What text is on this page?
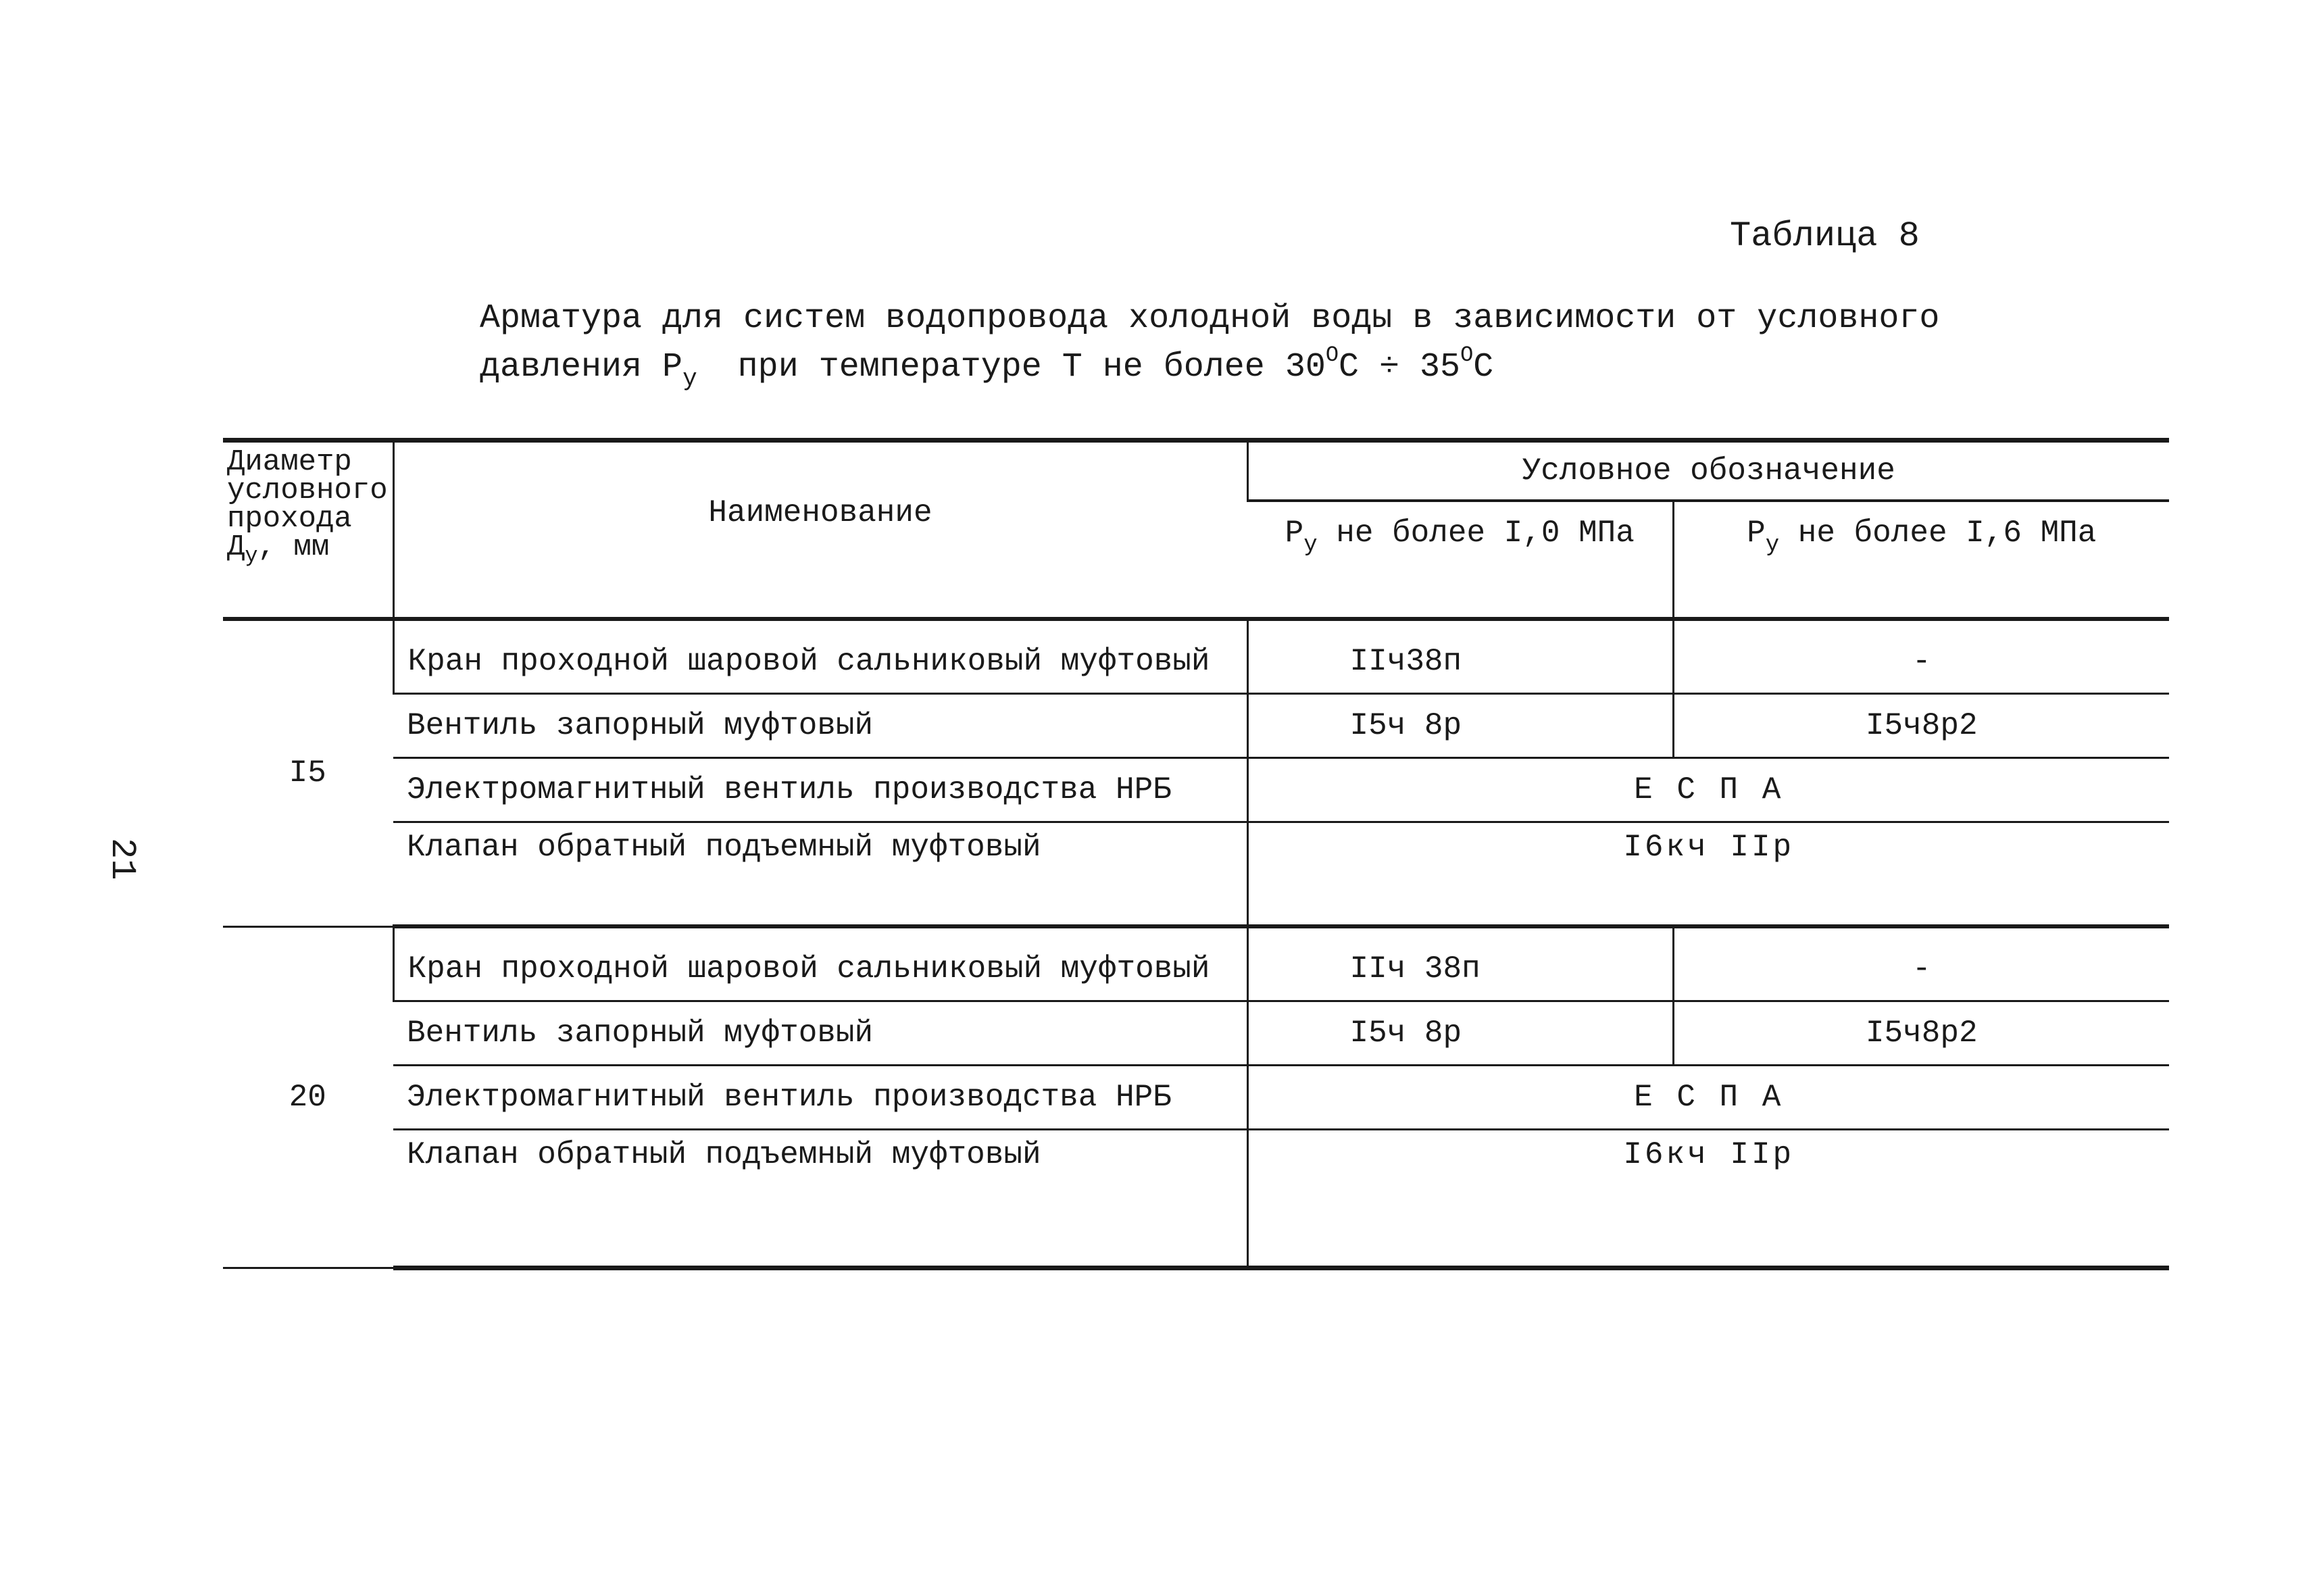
Таблица 8
Арматура для систем водопровода холодной воды в зависимости от условного
давления $Р_у$  при температуре Т не более $30^ОС \div 35^ОС$
21
Диаметр
условного
прохода
$Д_у$, мм	Наименование	Условное обозначение	
		$Р_у$ не более I,0 МПа	$Р_у$ не более I,6 МПа
I5	Кран проходной шаровой сальниковый муфтовый	IIч38п	-
	Вентиль запорный муфтовый	I5ч 8р	I5ч8р2
	Электромагнитный вентиль производства НРБ	Е С П А	
	Клапан обратный подъемный муфтовый	I6кч IIр	
20	Кран проходной шаровой сальниковый муфтовый	IIч 38п	-
	Вентиль запорный муфтовый	I5ч 8р	I5ч8р2
	Электромагнитный вентиль производства НРБ	Е С П А	
	Клапан обратный подъемный муфтовый	I6кч IIр	
